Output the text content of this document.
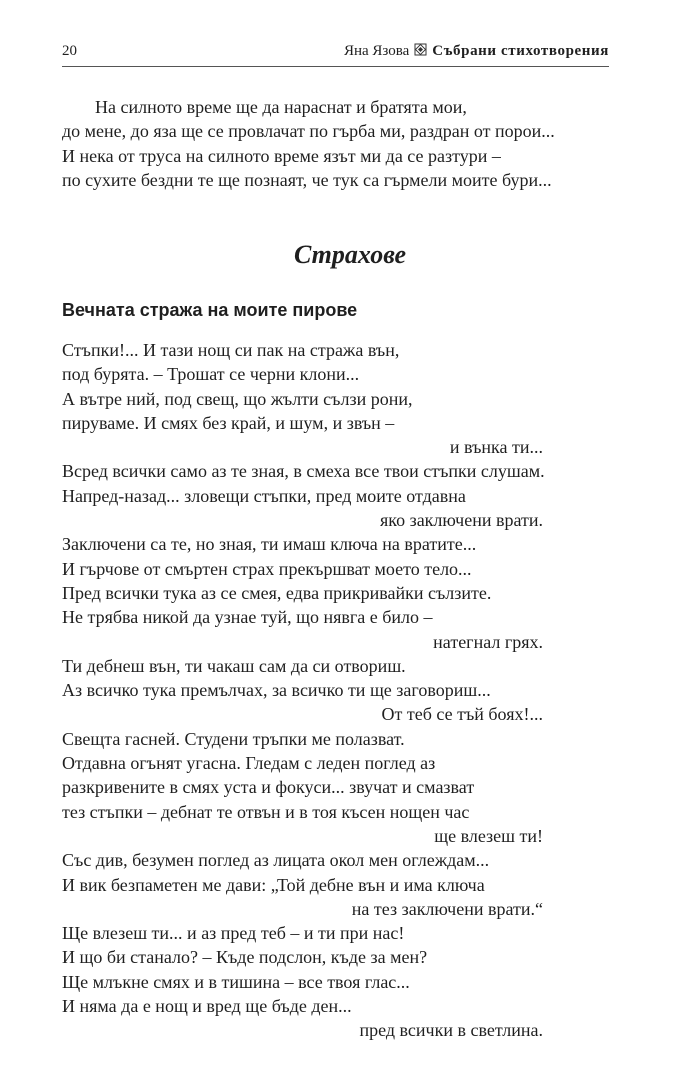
20	Яна Язова Събрани стихотворения
На силното време ще да нараснат и братята мои,
до мене, до яза ще се провлачат по гърба ми, раздран от порои...
И нека от труса на силното време язът ми да се разтури –
по сухите бездни те ще познаят, че тук са гърмели моите бури...
Страхове
Вечната стража на моите пирове
Стъпки!... И тази нощ си пак на стража вън,
под бурята. – Трошат се черни клони...
А вътре ний, под свещ, що жълти сълзи рони,
пируваме. И смях без край, и шум, и звън –
и вънка ти...
Всред всички само аз те зная, в смеха все твои стъпки слушам.
Напред-назад... зловещи стъпки, пред моите отдавна
яко заключени врати.
Заключени са те, но зная, ти имаш ключа на вратите...
И гърчове от смъртен страх прекършват моето тело...
Пред всички тука аз се смея, едва прикривайки сълзите.
Не трябва никой да узнае туй, що нявга е било –
натегнал грях.
Ти дебнеш вън, ти чакаш сам да си отвориш.
Аз всичко тука премълчах, за всичко ти ще заговориш...
От теб се тъй боях!...
Свещта гасней. Студени тръпки ме полазват.
Отдавна огънят угасна. Гледам с леден поглед аз
разкривените в смях уста и фокуси... звучат и смазват
тез стъпки – дебнат те отвън и в тоя късен нощен час
ще влезеш ти!
Със див, безумен поглед аз лицата окол мен оглеждам...
И вик безпаметен ме дави: „Той дебне вън и има ключа
на тез заключени врати.“
Ще влезеш ти... и аз пред теб – и ти при нас!
И що би станало? – Къде подслон, къде за мен?
Ще млъкне смях и в тишина – все твоя глас...
И няма да е нощ и вред ще бъде ден...
пред всички в светлина.
